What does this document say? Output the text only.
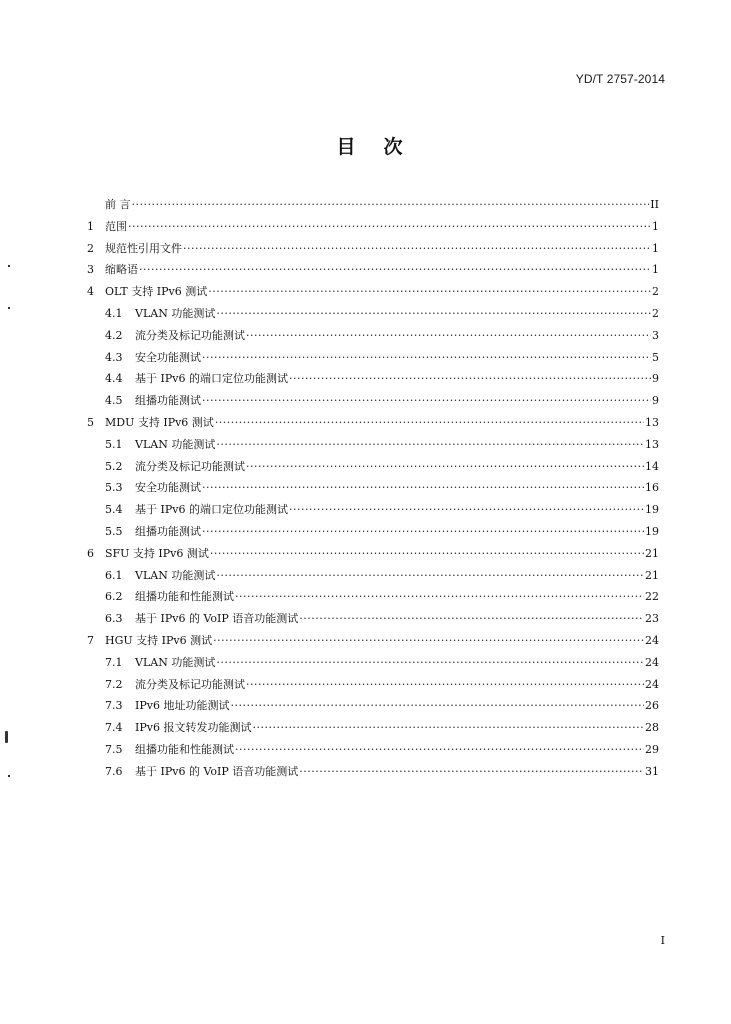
YD/T 2757-2014
目次
前 言 ·····	II
1	范围 ·····	1
2	规范性引用文件 ·····	1
3	缩略语 ·····	1
4	OLT 支持 IPv6 测试 ·····	2
4.1	VLAN 功能测试 ·····	2
4.2	流分类及标记功能测试 ·····	3
4.3	安全功能测试 ·····	5
4.4	基于 IPv6 的端口定位功能测试 ·····	9
4.5	组播功能测试 ·····	9
5	MDU 支持 IPv6 测试 ·····	13
5.1	VLAN 功能测试 ·····	13
5.2	流分类及标记功能测试 ·····	14
5.3	安全功能测试 ·····	16
5.4	基于 IPv6 的端口定位功能测试 ·····	19
5.5	组播功能测试 ·····	19
6	SFU 支持 IPv6 测试 ·····	21
6.1	VLAN 功能测试 ·····	21
6.2	组播功能和性能测试 ·····	22
6.3	基于 IPv6 的 VoIP 语音功能测试 ·····	23
7	HGU 支持 IPv6 测试 ·····	24
7.1	VLAN 功能测试 ·····	24
7.2	流分类及标记功能测试 ·····	24
7.3	IPv6 地址功能测试 ·····	26
7.4	IPv6 报文转发功能测试 ·····	28
7.5	组播功能和性能测试 ·····	29
7.6	基于 IPv6 的 VoIP 语音功能测试 ·····	31
I
